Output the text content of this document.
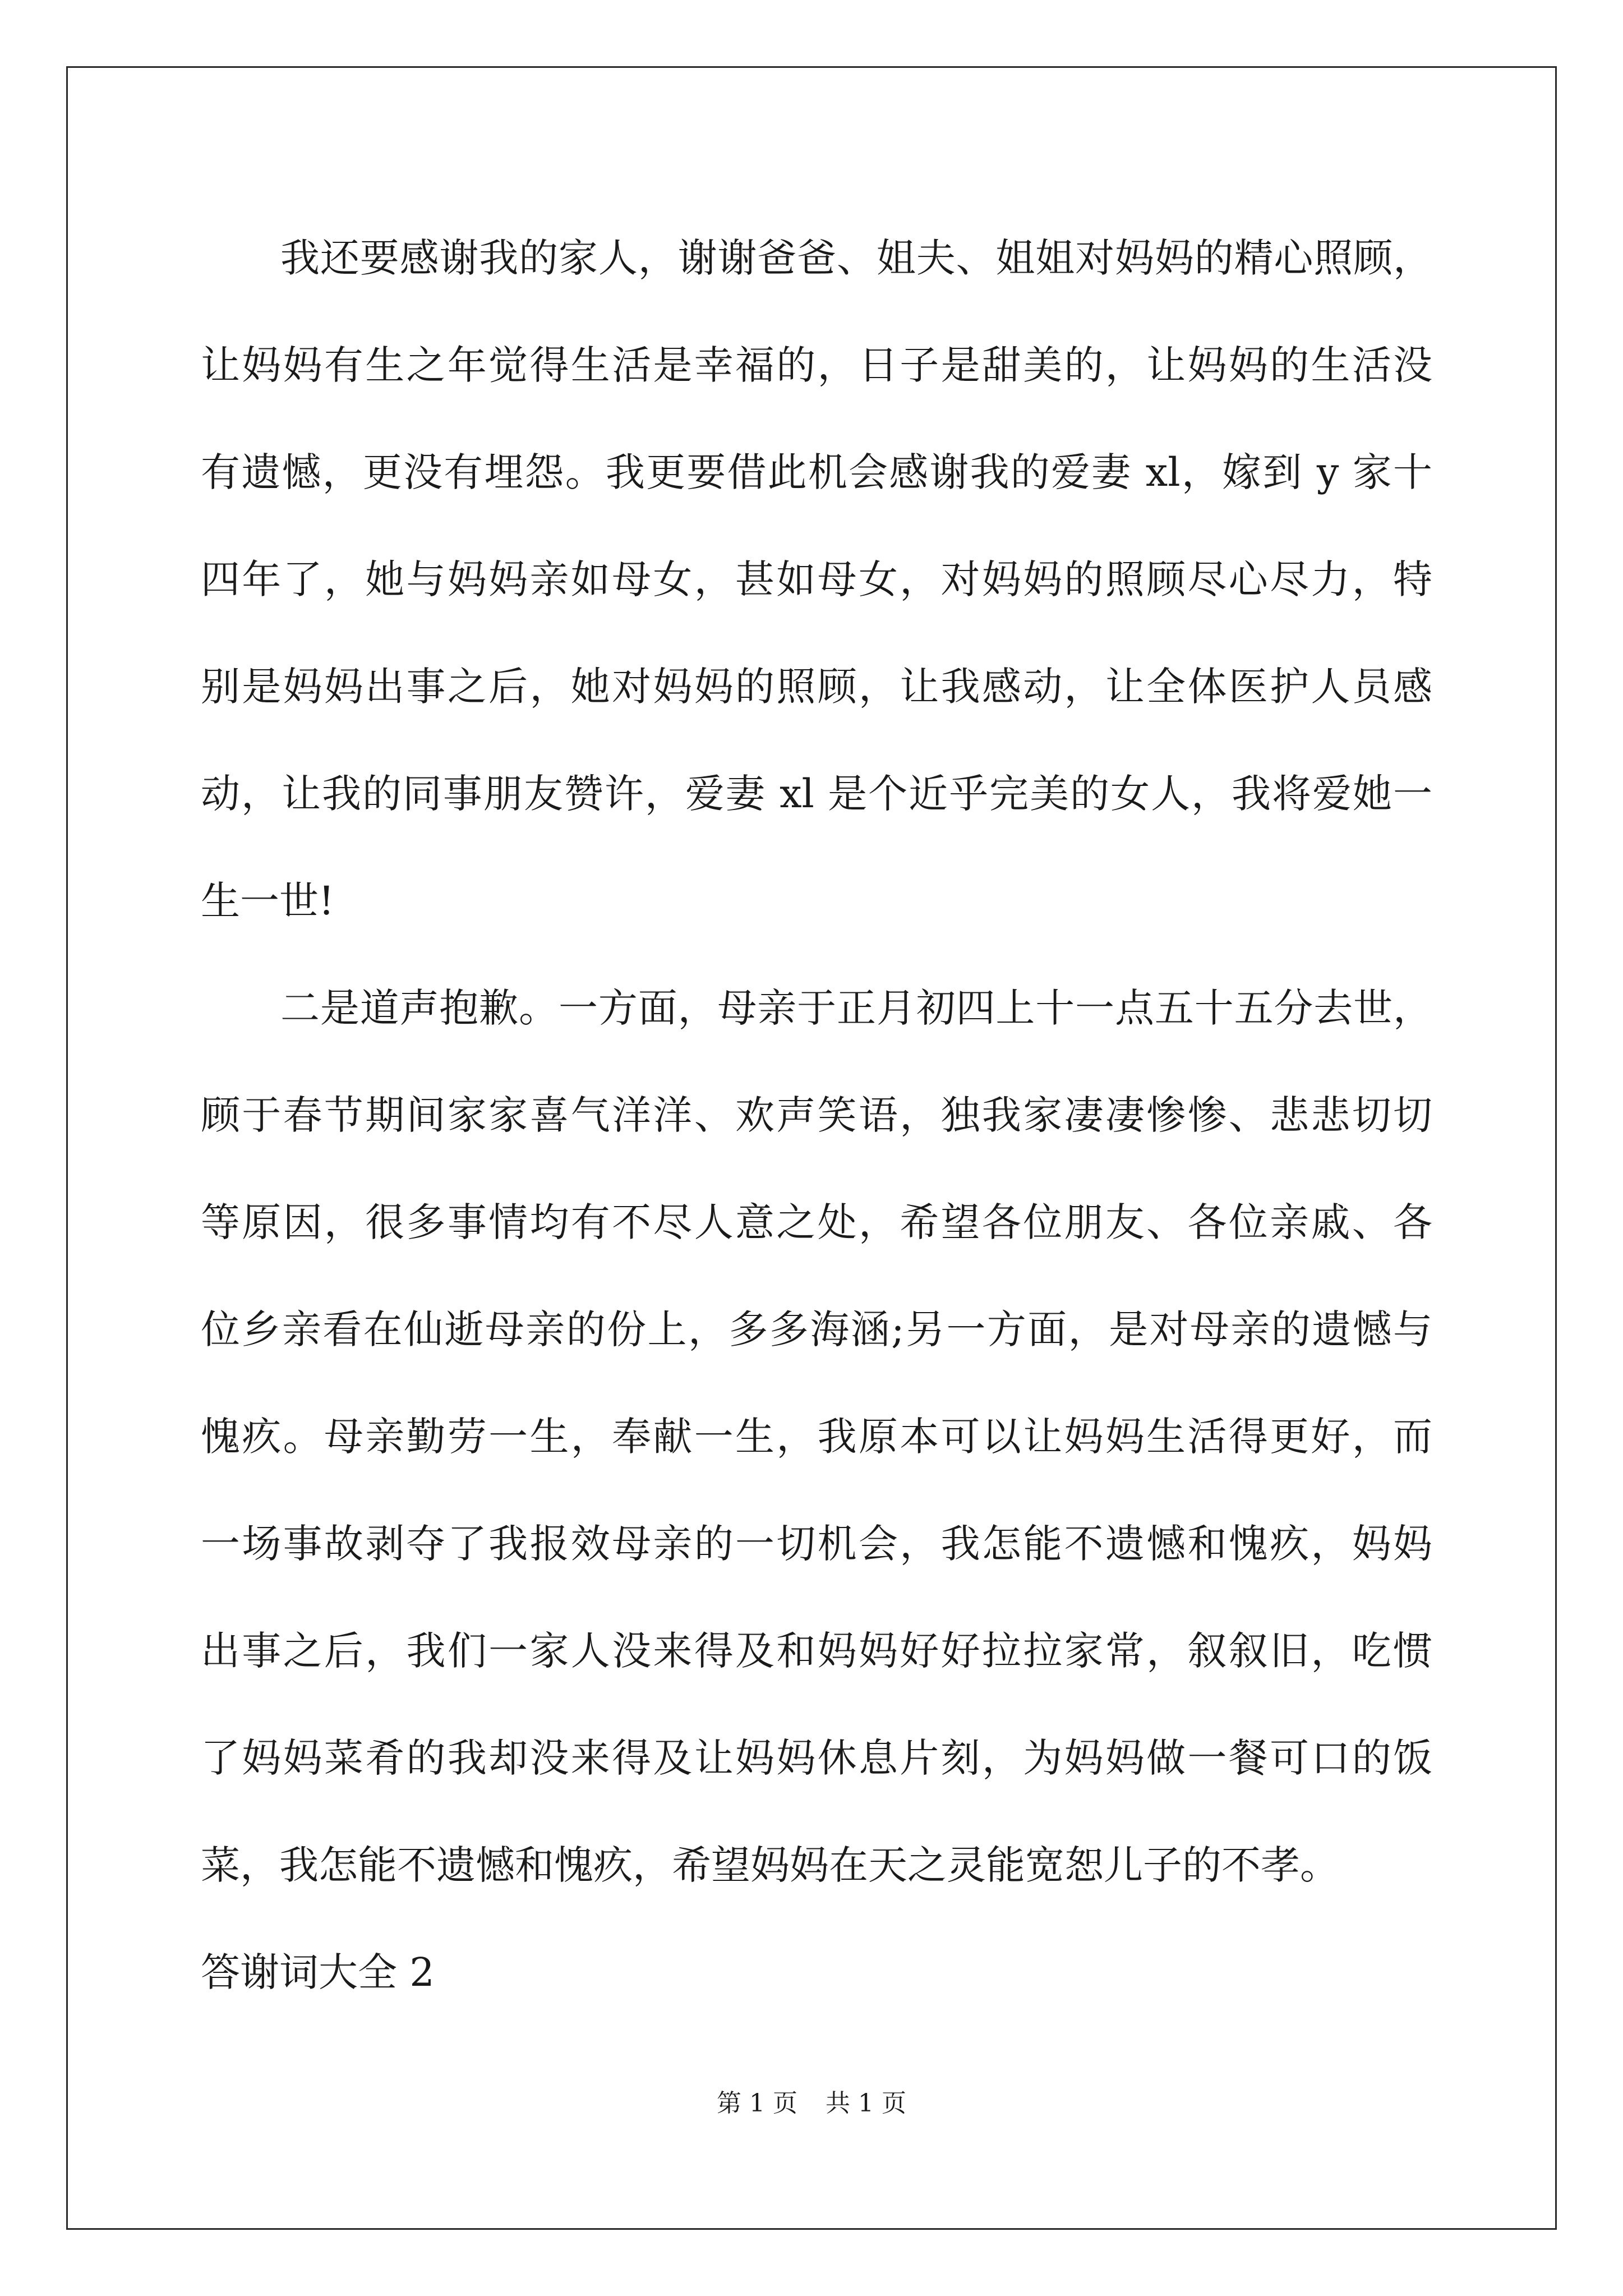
我还要感谢我的家人，谢谢爸爸、姐夫、姐姐对妈妈的精心照顾，
让妈妈有生之年觉得生活是幸福的，日子是甜美的，让妈妈的生活没
有遗憾，更没有埋怨。我更要借此机会感谢我的爱妻 xl，嫁到 y 家十
四年了，她与妈妈亲如母女，甚如母女，对妈妈的照顾尽心尽力，特
别是妈妈出事之后，她对妈妈的照顾，让我感动，让全体医护人员感
动，让我的同事朋友赞许，爱妻 xl 是个近乎完美的女人，我将爱她一
生一世!
二是道声抱歉。一方面，母亲于正月初四上十一点五十五分去世，
顾于春节期间家家喜气洋洋、欢声笑语，独我家凄凄惨惨、悲悲切切
等原因，很多事情均有不尽人意之处，希望各位朋友、各位亲戚、各
位乡亲看在仙逝母亲的份上，多多海涵;另一方面，是对母亲的遗憾与
愧疚。母亲勤劳一生，奉献一生，我原本可以让妈妈生活得更好，而
一场事故剥夺了我报效母亲的一切机会，我怎能不遗憾和愧疚，妈妈
出事之后，我们一家人没来得及和妈妈好好拉拉家常，叙叙旧，吃惯
了妈妈菜肴的我却没来得及让妈妈休息片刻，为妈妈做一餐可口的饭
菜，我怎能不遗憾和愧疚，希望妈妈在天之灵能宽恕儿子的不孝。
答谢词大全 2
第 1 页 共 1 页
